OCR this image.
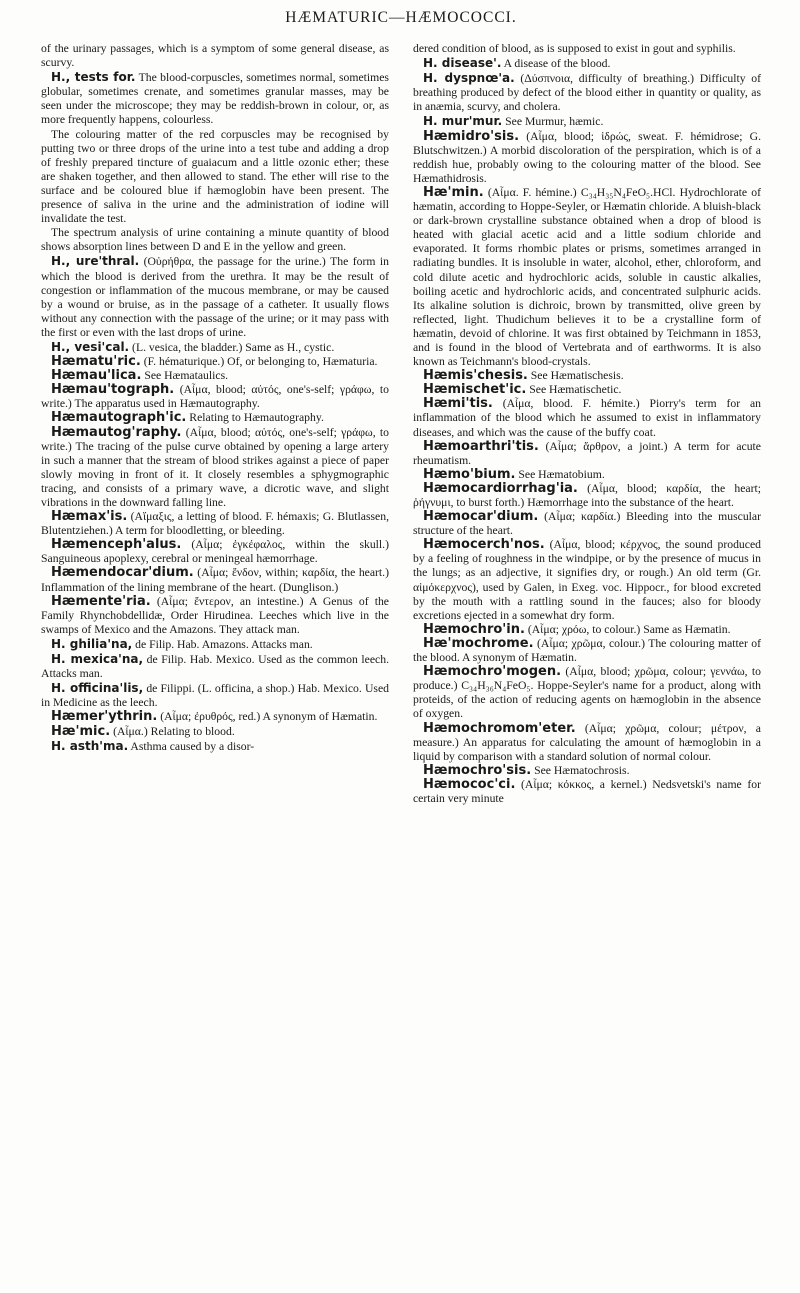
HÆMATURIC—HÆMOCOCCI.

of the urinary passages, which is a symptom of some general disease, as scurvy.

H., tests for. The blood-corpuscles, sometimes normal, sometimes globular, sometimes crenate, and sometimes granular masses, may be seen under the microscope; they may be reddish-brown in colour, or, as more frequently happens, colourless.

The colouring matter of the red corpuscles may be recognised by putting two or three drops of the urine into a test tube and adding a drop of freshly prepared tincture of guaiacum and a little ozonic ether; these are shaken together, and then allowed to stand. The ether will rise to the surface and be coloured blue if hæmoglobin have been present. The presence of saliva in the urine and the administration of iodine will invalidate the test.

The spectrum analysis of urine containing a minute quantity of blood shows absorption lines between D and E in the yellow and green.

H., ure'thral. (Οὐρήθρα, the passage for the urine.) The form in which the blood is derived from the urethra. It may be the result of congestion or inflammation of the mucous membrane, or may be caused by a wound or bruise, as in the passage of a catheter. It usually flows without any connection with the passage of the urine; or it may pass with the first or even with the last drops of urine.

H., vesi'cal. (L. vesica, the bladder.) Same as H., cystic.

Hæmatu'ric. (F. hématurique.) Of, or belonging to, Hæmaturia.

Hæmau'lica. See Hæmataulics.

Hæmau'tograph. (Αἷμα, blood; αὐτός, one's-self; γράφω, to write.) The apparatus used in Hæmautography.

Hæmautograph'ic. Relating to Hæmautography.

Hæmautog'raphy. (Αἷμα, blood; αὐτός, one's-self; γράφω, to write.) The tracing of the pulse curve obtained by opening a large artery in such a manner that the stream of blood strikes against a piece of paper slowly moving in front of it. It closely resembles a sphygmographic tracing, and consists of a primary wave, a dicrotic wave, and slight vibrations in the downward falling line.

Hæmax'is. (Αἵμαξις, a letting of blood. F. hémaxis; G. Blutlassen, Blutentziehen.) A term for bloodletting, or bleeding.

Hæmenceph'alus. (Αἷμα; ἐγκέφαλος, within the skull.) Sanguineous apoplexy, cerebral or meningeal hæmorrhage.

Hæmendocar'dium. (Αἷμα; ἔνδον, within; καρδία, the heart.) Inflammation of the lining membrane of the heart. (Dunglison.)

Hæmente'ria. (Αἷμα; ἔντερον, an intestine.) A Genus of the Family Rhynchobdellidæ, Order Hirudinea. Leeches which live in the swamps of Mexico and the Amazons. They attack man.

H. ghilia'na, de Filip. Hab. Amazons. Attacks man.

H. mexica'na, de Filip. Hab. Mexico. Used as the common leech. Attacks man.

H. officina'lis, de Filippi. (L. officina, a shop.) Hab. Mexico. Used in Medicine as the leech.

Hæmer'ythrin. (Αἷμα; ἐρυθρός, red.) A synonym of Hæmatin.

Hæ'mic. (Αἷμα.) Relating to blood.

H. asth'ma. Asthma caused by a disor-

dered condition of blood, as is supposed to exist in gout and syphilis.

H. disease'. A disease of the blood.

H. dyspnœ'a. (Δύσπνοια, difficulty of breathing.) Difficulty of breathing produced by defect of the blood either in quantity or quality, as in anæmia, scurvy, and cholera.

H. mur'mur. See Murmur, hæmic.

Hæmidro'sis. (Αἷμα, blood; ἱδρώς, sweat. F. hémidrose; G. Blutschwitzen.) A morbid discoloration of the perspiration, which is of a reddish hue, probably owing to the colouring matter of the blood. See Hæmathidrosis.

Hæ'min. (Αἷμα. F. hémine.) C₃₄H₃₅N₄FeO₅.HCl. Hydrochlorate of hæmatin, according to Hoppe-Seyler, or Hæmatin chloride. A bluish-black or dark-brown crystalline substance obtained when a drop of blood is heated with glacial acetic acid and a little sodium chloride and evaporated. It forms rhombic plates or prisms, sometimes arranged in radiating bundles. It is insoluble in water, alcohol, ether, chloroform, and cold dilute acetic and hydrochloric acids, soluble in caustic alkalies, boiling acetic and hydrochloric acids, and concentrated sulphuric acids. Its alkaline solution is dichroic, brown by transmitted, olive green by reflected, light. Thudichum believes it to be a crystalline form of hæmatin, devoid of chlorine. It was first obtained by Teichmann in 1853, and is found in the blood of Vertebrata and of earthworms. It is also known as Teichmann's blood-crystals.

Hæmis'chesis. See Hæmatischesis.

Hæmischet'ic. See Hæmatischetic.

Hæmi'tis. (Αἷμα, blood. F. hémite.) Piorry's term for an inflammation of the blood which he assumed to exist in inflammatory diseases, and which was the cause of the buffy coat.

Hæmoarthri'tis. (Αἷμα; ἄρθρον, a joint.) A term for acute rheumatism.

Hæmo'bium. See Hæmatobium.

Hæmocardiorrhag'ia. (Αἷμα, blood; καρδία, the heart; ῥήγνυμι, to burst forth.) Hæmorrhage into the substance of the heart.

Hæmocar'dium. (Αἷμα; καρδία.) Bleeding into the muscular structure of the heart.

Hæmocerch'nos. (Αἷμα, blood; κέρχνος, the sound produced by a feeling of roughness in the windpipe, or by the presence of mucus in the lungs; as an adjective, it signifies dry, or rough.) An old term (Gr. αἱμόκερχνος), used by Galen, in Exeg. voc. Hippocr., for blood excreted by the mouth with a rattling sound in the fauces; also for bloody excretions ejected in a somewhat dry form.

Hæmochro'in. (Αἷμα; χρόω, to colour.) Same as Hæmatin.

Hæ'mochrome. (Αἷμα; χρῶμα, colour.) The colouring matter of the blood. A synonym of Hæmatin.

Hæmochro'mogen. (Αἷμα, blood; χρῶμα, colour; γεννάω, to produce.) C₃₄H₃₆N₄FeO₅. Hoppe-Seyler's name for a product, along with proteids, of the action of reducing agents on hæmoglobin in the absence of oxygen.

Hæmochromom'eter. (Αἷμα; χρῶμα, colour; μέτρον, a measure.) An apparatus for calculating the amount of hæmoglobin in a liquid by comparison with a standard solution of normal colour.

Hæmochro'sis. See Hæmatochrosis.

Hæmococ'ci. (Αἷμα; κόκκος, a kernel.) Nedsvetski's name for certain very minute
